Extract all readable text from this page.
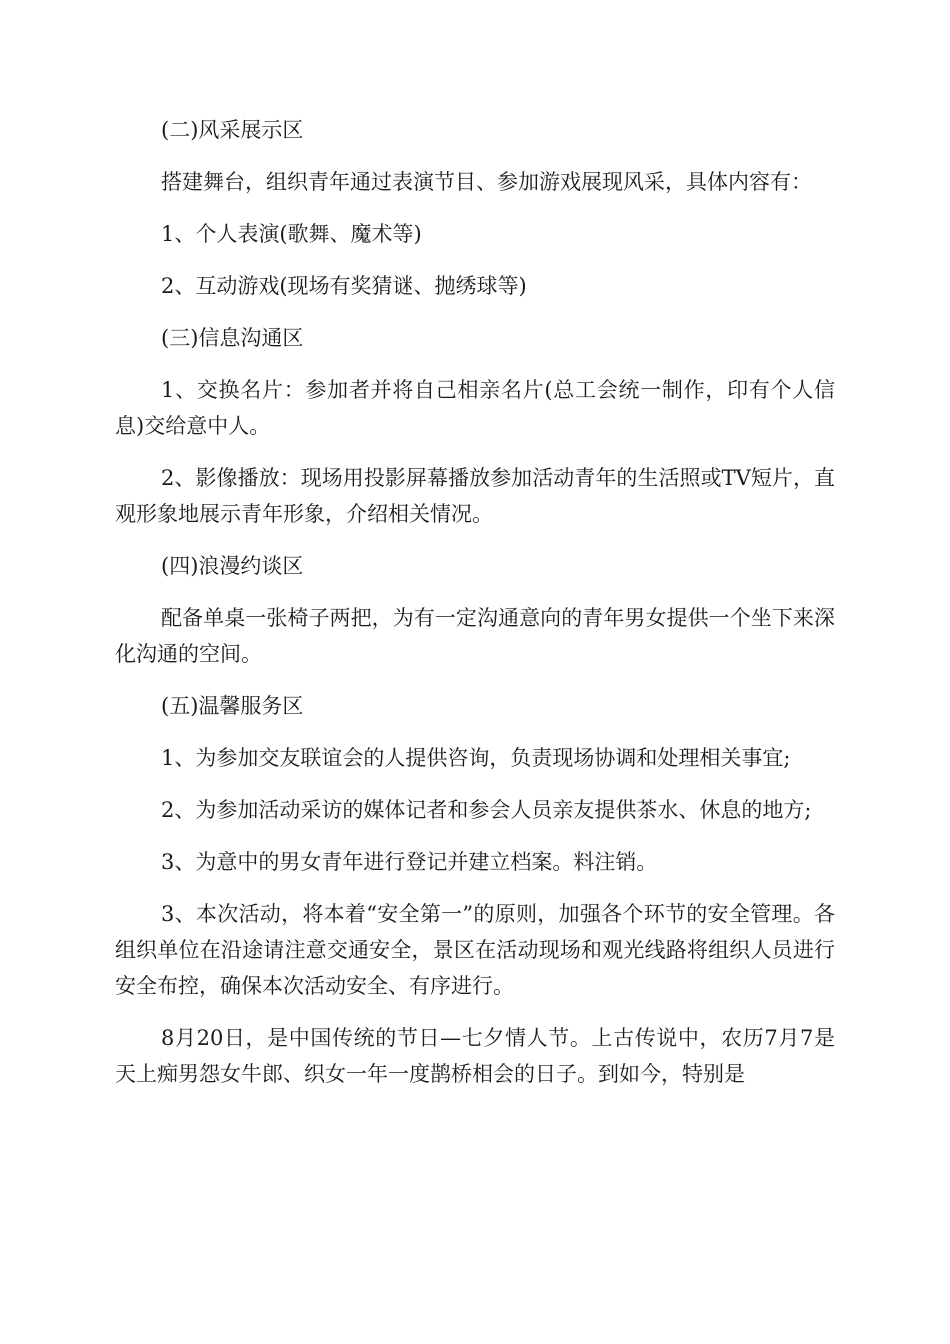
(二)风采展示区

搭建舞台，组织青年通过表演节目、参加游戏展现风采，具体内容有：

1、个人表演(歌舞、魔术等)

2、互动游戏(现场有奖猜谜、抛绣球等)

(三)信息沟通区

1、交换名片：参加者并将自己相亲名片(总工会统一制作，印有个人信息)交给意中人。

2、影像播放：现场用投影屏幕播放参加活动青年的生活照或TV短片，直观形象地展示青年形象，介绍相关情况。

(四)浪漫约谈区

配备单桌一张椅子两把，为有一定沟通意向的青年男女提供一个坐下来深化沟通的空间。

(五)温馨服务区

1、为参加交友联谊会的人提供咨询，负责现场协调和处理相关事宜;

2、为参加活动采访的媒体记者和参会人员亲友提供茶水、休息的地方;

3、为意中的男女青年进行登记并建立档案。料注销。

3、本次活动，将本着“安全第一”的原则，加强各个环节的安全管理。各组织单位在沿途请注意交通安全，景区在活动现场和观光线路将组织人员进行安全布控，确保本次活动安全、有序进行。

8月20日，是中国传统的节日—七夕情人节。上古传说中，农历7月7是天上痴男怨女牛郎、织女一年一度鹊桥相会的日子。到如今，特别是
